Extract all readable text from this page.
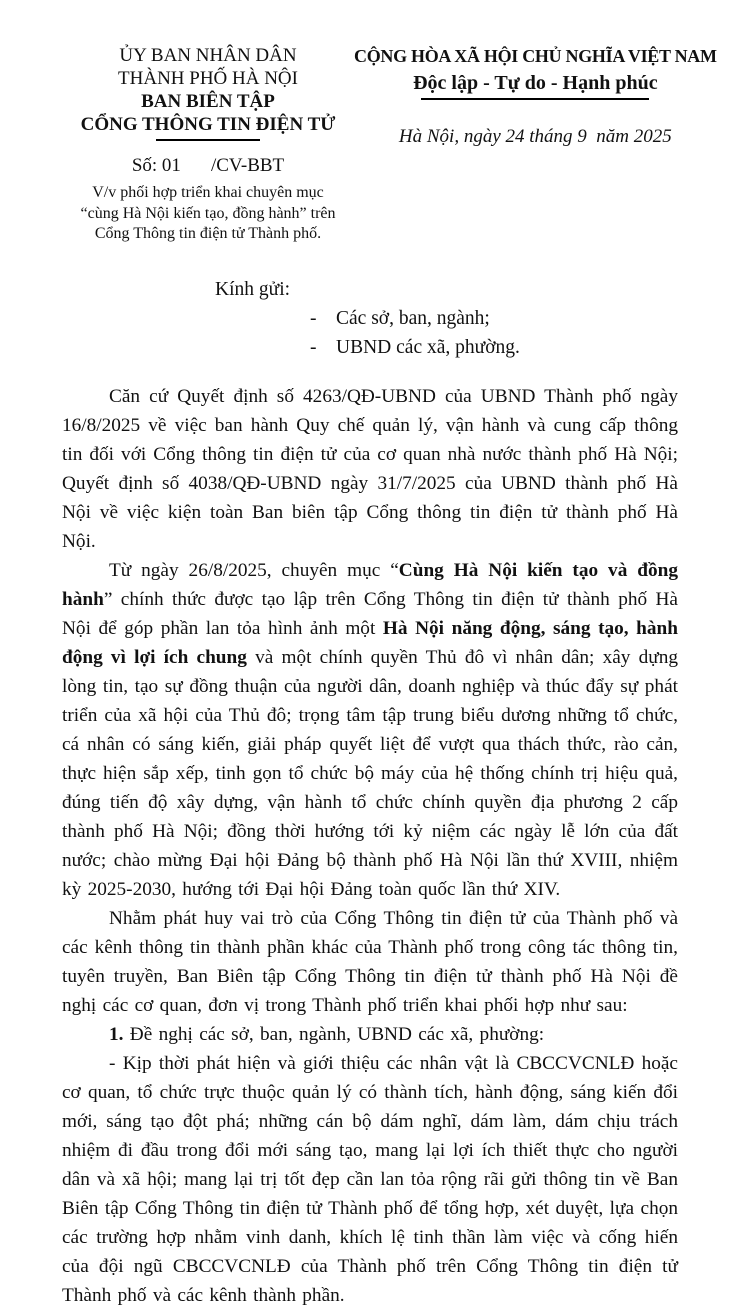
ỦY BAN NHÂN DÂN
THÀNH PHỐ HÀ NỘI
BAN BIÊN TẬP
CỔNG THÔNG TIN ĐIỆN TỬ
Số: 01 /CV-BBT
V/v phối hợp triển khai chuyên mục
“cùng Hà Nội kiến tạo, đồng hành” trên
Cổng Thông tin điện tử Thành phố.
CỘNG HÒA XÃ HỘI CHỦ NGHĨA VIỆT NAM
Độc lập - Tự do - Hạnh phúc
Hà Nội, ngày 24 tháng 9  năm 2025
Kính gửi:
-	Các sở, ban, ngành;
-	UBND các xã, phường.

Căn cứ Quyết định số 4263/QĐ-UBND của UBND Thành phố ngày 16/8/2025 về việc ban hành Quy chế quản lý, vận hành và cung cấp thông tin đối với Cổng thông tin điện tử của cơ quan nhà nước thành phố Hà Nội; Quyết định số 4038/QĐ-UBND ngày 31/7/2025 của UBND thành phố Hà Nội về việc kiện toàn Ban biên tập Cổng thông tin điện tử thành phố Hà Nội.

Từ ngày 26/8/2025, chuyên mục “Cùng Hà Nội kiến tạo và đồng hành” chính thức được tạo lập trên Cổng Thông tin điện tử thành phố Hà Nội để góp phần lan tỏa hình ảnh một Hà Nội năng động, sáng tạo, hành động vì lợi ích chung và một chính quyền Thủ đô vì nhân dân; xây dựng lòng tin, tạo sự đồng thuận của người dân, doanh nghiệp và thúc đẩy sự phát triển của xã hội của Thủ đô; trọng tâm tập trung biểu dương những tổ chức, cá nhân có sáng kiến, giải pháp quyết liệt để vượt qua thách thức, rào cản, thực hiện sắp xếp, tinh gọn tổ chức bộ máy của hệ thống chính trị hiệu quả, đúng tiến độ xây dựng, vận hành tổ chức chính quyền địa phương 2 cấp thành phố Hà Nội; đồng thời hướng tới kỷ niệm các ngày lễ lớn của đất nước; chào mừng Đại hội Đảng bộ thành phố Hà Nội lần thứ XVIII, nhiệm kỳ 2025-2030, hướng tới Đại hội Đảng toàn quốc lần thứ XIV.

Nhằm phát huy vai trò của Cổng Thông tin điện tử của Thành phố và các kênh thông tin thành phần khác của Thành phố trong công tác thông tin, tuyên truyền, Ban Biên tập Cổng Thông tin điện tử thành phố Hà Nội đề nghị các cơ quan, đơn vị trong Thành phố triển khai phối hợp như sau:

1. Đề nghị các sở, ban, ngành, UBND các xã, phường:

- Kịp thời phát hiện và giới thiệu các nhân vật là CBCCVCNLĐ hoặc cơ quan, tổ chức trực thuộc quản lý có thành tích, hành động, sáng kiến đổi mới, sáng tạo đột phá; những cán bộ dám nghĩ, dám làm, dám chịu trách nhiệm đi đầu trong đổi mới sáng tạo, mang lại lợi ích thiết thực cho người dân và xã hội; mang lại trị tốt đẹp cần lan tỏa rộng rãi gửi thông tin về Ban Biên tập Cổng Thông tin điện tử Thành phố để tổng hợp, xét duyệt, lựa chọn các trường hợp nhằm vinh danh, khích lệ tinh thần làm việc và cống hiến của đội ngũ CBCCVCNLĐ của Thành phố trên Cổng Thông tin điện tử Thành phố và các kênh thành phần.
